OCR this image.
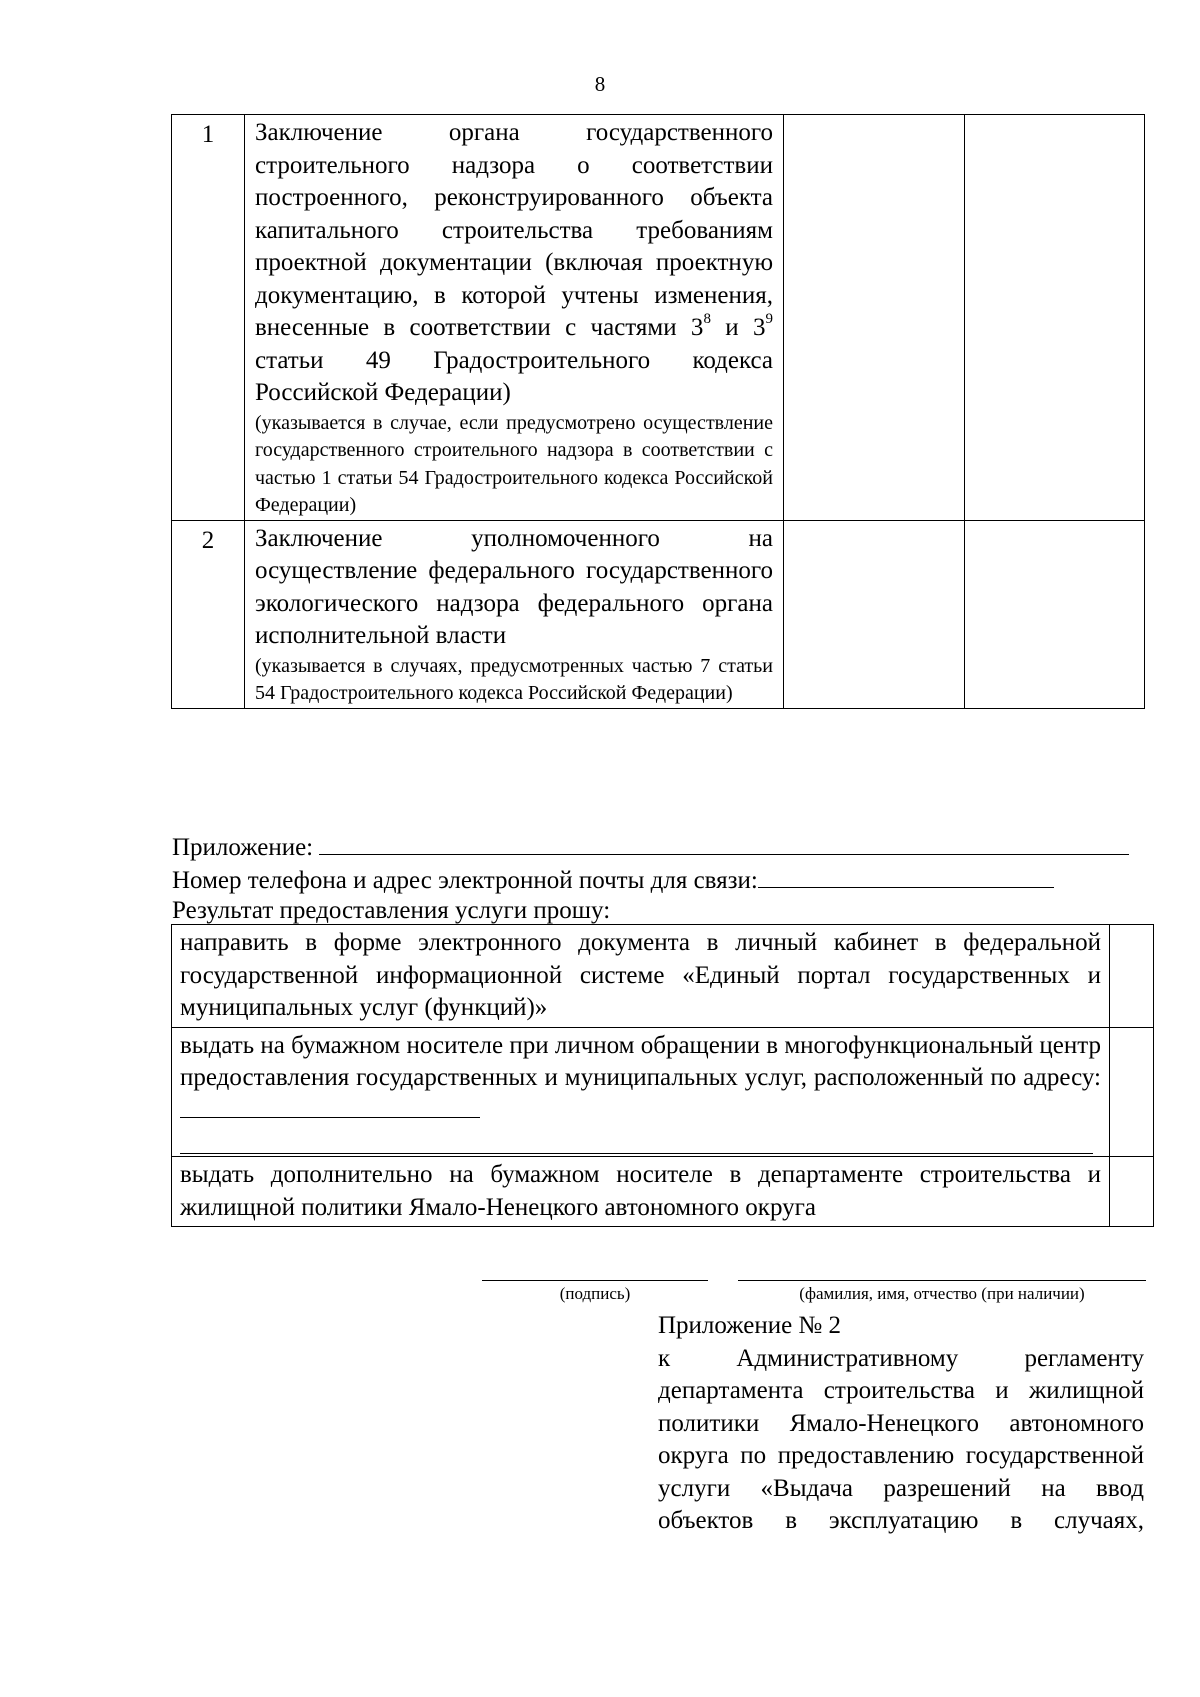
8
1	Заключение органа государственного строительного надзора о соответствии построенного, реконструированного объекта капитального строительства требованиям проектной документации (включая проектную документацию, в которой учтены изменения, внесенные в соответствии с частями $3^8$ и $3^9$ статьи 49 Градостроительного кодекса Российской Федерации)
(указывается в случае, если предусмотрено осуществление государственного строительного надзора в соответствии с частью 1 статьи 54 Градостроительного кодекса Российской Федерации)		

2	Заключение уполномоченного на осуществление федерального государственного экологического надзора федерального органа исполнительной власти
(указывается в случаях, предусмотренных частью 7 статьи 54 Градостроительного кодекса Российской Федерации)		

Приложение:
Номер телефона и адрес электронной почты для связи:
Результат предоставления услуги прошу:
направить в форме электронного документа в личный кабинет в федеральной государственной информационной системе «Единый портал государственных и муниципальных услуг (функций)»	
выдать на бумажном носителе при личном обращении в многофункциональный центр предоставления государственных и муниципальных услуг, расположенный по адресу:

выдать дополнительно на бумажном носителе в департаменте строительства и жилищной политики Ямало-Ненецкого автономного округа	
(подпись)	(фамилия, имя, отчество (при наличии)
Приложение № 2
к Административному регламенту департамента строительства и жилищной политики Ямало-Ненецкого автономного округа по предоставлению государственной услуги «Выдача разрешений на ввод объектов в эксплуатацию в случаях,
